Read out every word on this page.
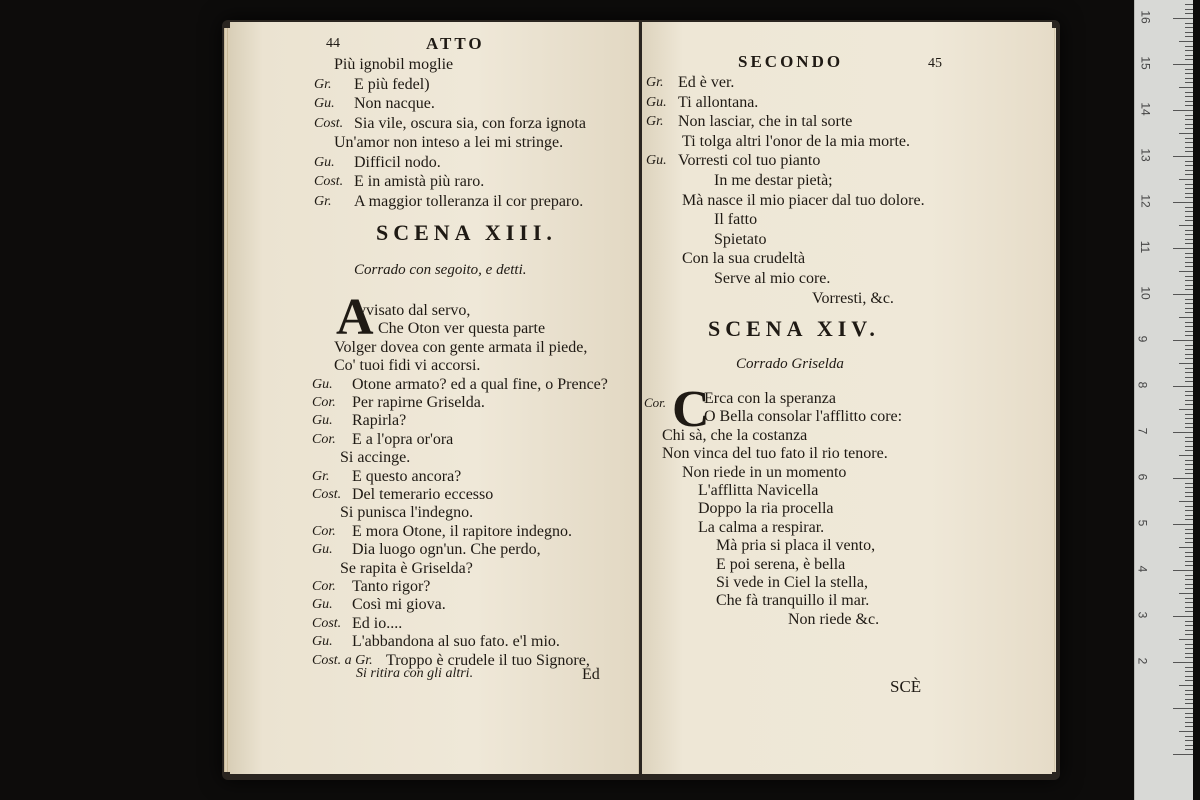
44	ATTO
Più ignobil moglie
Gr. E più fedel)
Gu. Non nacque.
Cost. Sia vile, oscura sia, con forza ignota
Un'amor non inteso a lei mi stringe.
Gu. Difficil nodo.
Cost. E in amistà più raro.
Gr. A maggior tolleranza il cor preparo.
SCENA XIII.
Corrado con segoito, e detti.
A
vvisato dal servo,
Che Oton ver questa parte
Volger dovea con gente armata il piede,
Co' tuoi fidi vi accorsi.
Gu. Otone armato? ed a qual fine, o Prence?
Cor. Per rapirne Griselda.
Gu. Rapirla?
Cor. E a l'opra or'ora
Si accinge.
Gr. E questo ancora?
Cost. Del temerario eccesso
Si punisca l'indegno.
Cor. E mora Otone, il rapitore indegno.
Gu. Dia luogo ogn'un. Che perdo,
Se rapita è Griselda?
Cor. Tanto rigor?
Gu. Così mi giova.
Cost. Ed io....
Gu. L'abbandona al suo fato. e'l mio.
Cost. a Gr. Troppo è crudele il tuo Signore,
Si ritira con gli altri.	Ed
SECONDO	45
Gr. Ed è ver.
Gu. Ti allontana.
Gr. Non lasciar, che in tal sorte
Ti tolga altri l'onor de la mia morte.
Gu. Vorresti col tuo pianto
In me destar pietà;
Mà nasce il mio piacer dal tuo dolore.
Il fatto
Spietato
Con la sua crudeltà
Serve al mio core.
Vorresti, &c.
SCENA XIV.
Corrado Griselda
Cor. C
Erca con la speranza
O Bella consolar l'afflitto core:
Chi sà, che la costanza
Non vinca del tuo fato il rio tenore.
Non riede in un momento
L'afflitta Navicella
Doppo la ria procella
La calma a respirar.
Mà pria si placa il vento,
E poi serena, è bella
Si vede in Ciel la stella,
Che fà tranquillo il mar.
Non riede &c.
SCÈ
2
3
4
5
6
7
8
9
10
11
12
13
14
15
16
